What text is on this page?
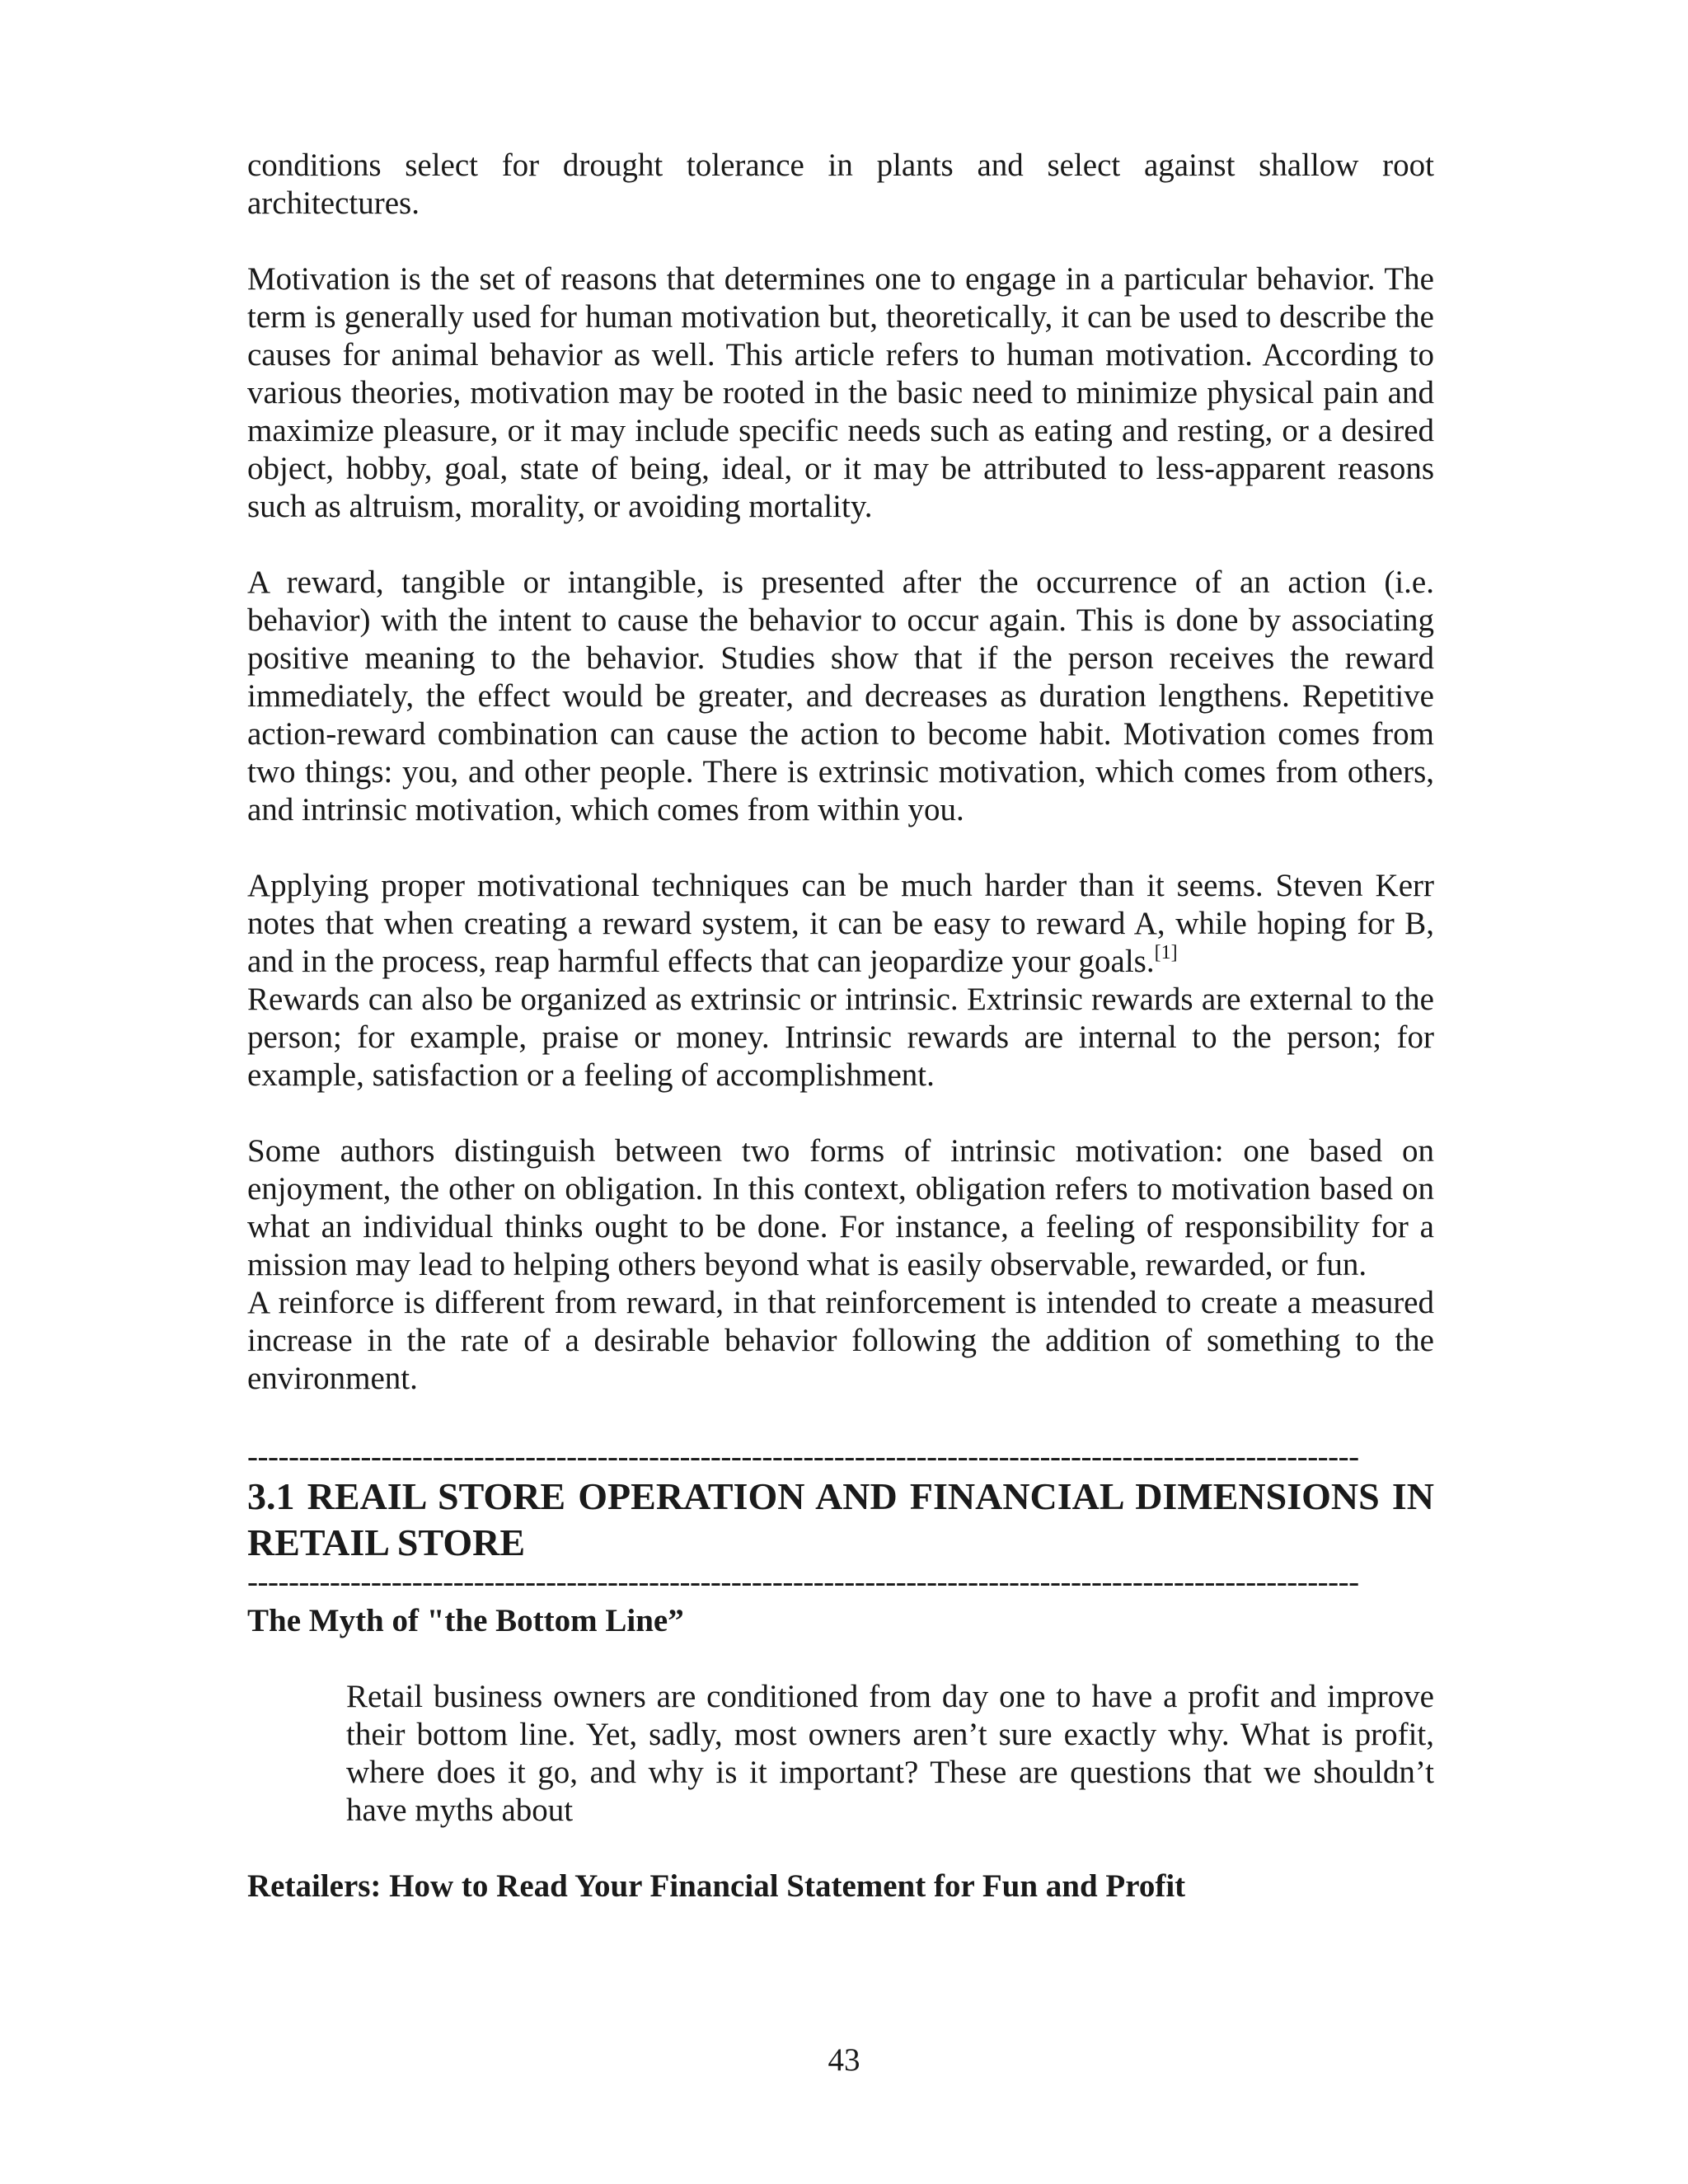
conditions select for drought tolerance in plants and select against shallow root architectures.

Motivation is the set of reasons that determines one to engage in a particular behavior. The term is generally used for human motivation but, theoretically, it can be used to describe the causes for animal behavior as well. This article refers to human motivation. According to various theories, motivation may be rooted in the basic need to minimize physical pain and maximize pleasure, or it may include specific needs such as eating and resting, or a desired object, hobby, goal, state of being, ideal, or it may be attributed to less-apparent reasons such as altruism, morality, or avoiding mortality.

A reward, tangible or intangible, is presented after the occurrence of an action (i.e. behavior) with the intent to cause the behavior to occur again. This is done by associating positive meaning to the behavior. Studies show that if the person receives the reward immediately, the effect would be greater, and decreases as duration lengthens. Repetitive action-reward combination can cause the action to become habit. Motivation comes from two things: you, and other people. There is extrinsic motivation, which comes from others, and intrinsic motivation, which comes from within you.

Applying proper motivational techniques can be much harder than it seems. Steven Kerr notes that when creating a reward system, it can be easy to reward A, while hoping for B, and in the process, reap harmful effects that can jeopardize your goals.[1]

Rewards can also be organized as extrinsic or intrinsic. Extrinsic rewards are external to the person; for example, praise or money. Intrinsic rewards are internal to the person; for example, satisfaction or a feeling of accomplishment.

Some authors distinguish between two forms of intrinsic motivation: one based on enjoyment, the other on obligation. In this context, obligation refers to motivation based on what an individual thinks ought to be done. For instance, a feeling of responsibility for a mission may lead to helping others beyond what is easily observable, rewarded, or fun.

A reinforce is different from reward, in that reinforcement is intended to create a measured increase in the rate of a desirable behavior following the addition of something to the environment.

------------------------------------------------------------------------------------------------------------

3.1 REAIL STORE OPERATION AND FINANCIAL DIMENSIONS IN RETAIL STORE

------------------------------------------------------------------------------------------------------------

The Myth of "the Bottom Line”

Retail business owners are conditioned from day one to have a profit and improve their bottom line. Yet, sadly, most owners aren’t sure exactly why. What is profit, where does it go, and why is it important? These are questions that we shouldn’t have myths about

Retailers: How to Read Your Financial Statement for Fun and Profit

43
